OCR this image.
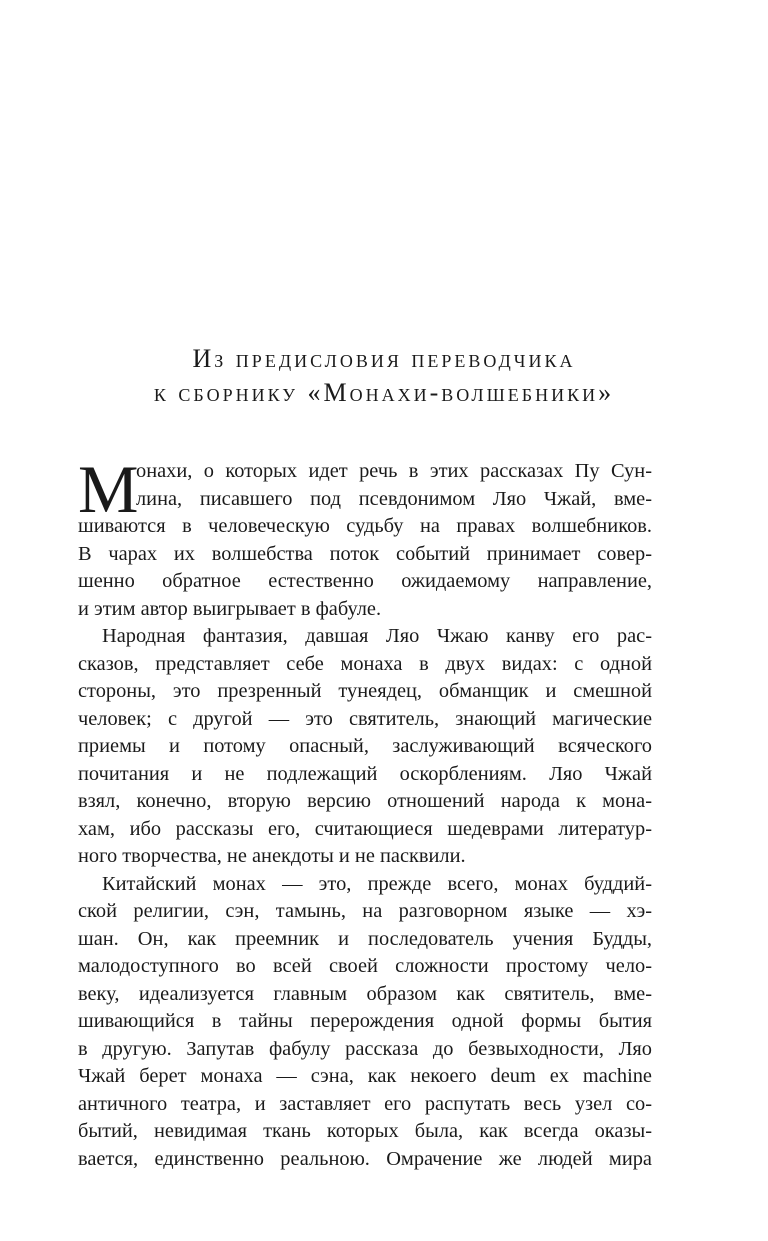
Из предисловия переводчика
к сборнику «Монахи-волшебники»
М
онахи, о которых идет речь в этих рассказах Пу Сун-
лина, писавшего под псевдонимом Ляо Чжай, вме-
шиваются в человеческую судьбу на правах волшебников.
В чарах их волшебства поток событий принимает совер-
шенно обратное естественно ожидаемому направление,
и этим автор выигрывает в фабуле.
Народная фантазия, давшая Ляо Чжаю канву его рас-
сказов, представляет себе монаха в двух видах: с одной
стороны, это презренный тунеядец, обманщик и смешной
человек; с другой — это святитель, знающий магические
приемы и потому опасный, заслуживающий всяческого
почитания и не подлежащий оскорблениям. Ляо Чжай
взял, конечно, вторую версию отношений народа к мона-
хам, ибо рассказы его, считающиеся шедеврами литератур-
ного творчества, не анекдоты и не пасквили.
Китайский монах — это, прежде всего, монах буддий-
ской религии, сэн, тамынь, на разговорном языке — хэ-
шан. Он, как преемник и последователь учения Будды,
малодоступного во всей своей сложности простому чело-
веку, идеализуется главным образом как святитель, вме-
шивающийся в тайны перерождения одной формы бытия
в другую. Запутав фабулу рассказа до безвыходности, Ляо
Чжай берет монаха — сэна, как некоего deum ex machine
античного театра, и заставляет его распутать весь узел со-
бытий, невидимая ткань которых была, как всегда оказы-
вается, единственно реальною. Омрачение же людей мира
